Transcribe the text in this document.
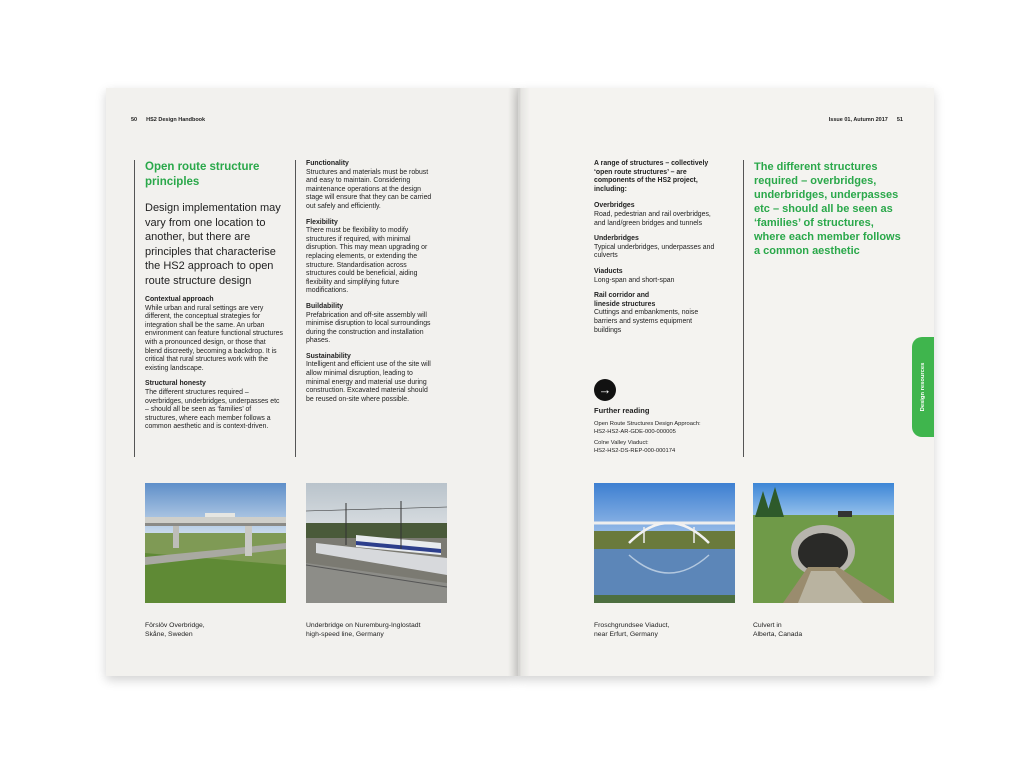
50 HS2 Design Handbook	Issue 01, Autumn 2017 51
Open route structure principles
Design implementation may vary from one location to another, but there are principles that characterise the HS2 approach to open route structure design
Contextual approach

While urban and rural settings are very different, the conceptual strategies for integration shall be the same. An urban environment can feature functional structures with a pronounced design, or those that blend discreetly, becoming a backdrop. It is critical that rural structures work with the existing landscape.

Structural honesty

The different structures required – overbridges, underbridges, underpasses etc – should all be seen as ‘families’ of structures, where each member follows a common aesthetic and is context-driven.

Functionality

Structures and materials must be robust and easy to maintain. Considering maintenance operations at the design stage will ensure that they can be carried out safely and efficiently.

Flexibility

There must be flexibility to modify structures if required, with minimal disruption. This may mean upgrading or replacing elements, or extending the structure. Standardisation across structures could be beneficial, aiding flexibility and simplifying future modifications.

Buildability

Prefabrication and off-site assembly will minimise disruption to local surroundings during the construction and installation phases.

Sustainability

Intelligent and efficient use of the site will allow minimal disruption, leading to minimal energy and material use during construction. Excavated material should be reused on-site where possible.

A range of structures – collectively ‘open route structures’ – are components of the HS2 project, including:
Overbridges

Road, pedestrian and rail overbridges, and land/green bridges and tunnels

Underbridges

Typical underbridges, underpasses and culverts

Viaducts

Long-span and short-span

Rail corridor and lineside structures

Cuttings and embankments, noise barriers and systems equipment buildings

→
Further reading
Open Route Structures Design Approach:
HS2-HS2-AR-GDE-000-000005
Colne Valley Viaduct:
HS2-HS2-DS-REP-000-000174
The different structures required – overbridges, underbridges, underpasses etc – should all be seen as ‘families’ of structures, where each member follows a common aesthetic
Design resources
Förslöv Overbridge,
Skåne, Sweden
Underbridge on Nuremburg-Inglostadt
high-speed line, Germany
Froschgrundsee Viaduct,
near Erfurt, Germany
Culvert in
Alberta, Canada
